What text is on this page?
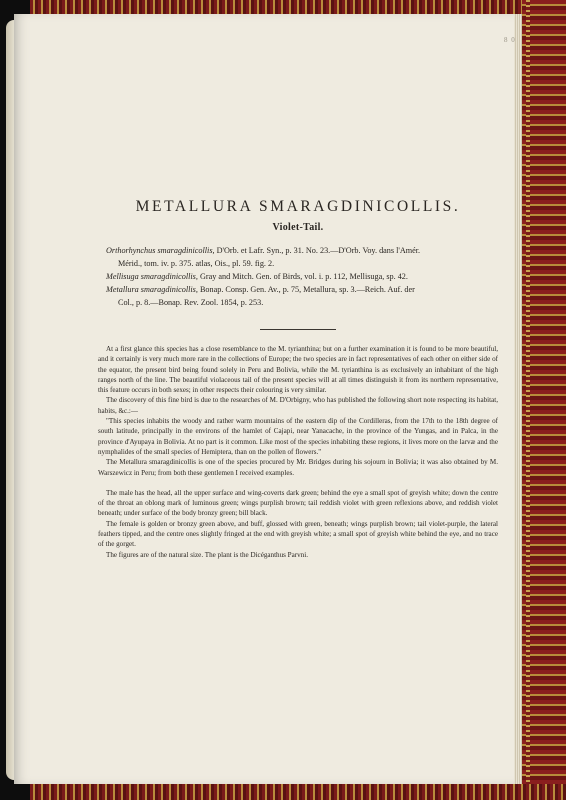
8 0
METALLURA SMARAGDINICOLLIS.
Violet-Tail.

Orthorhynchus smaragdinicollis, D'Orb. et Lafr. Syn., p. 31. No. 23.—D'Orb. Voy. dans l'Amér.

Mérid., tom. iv. p. 375. atlas, Ois., pl. 59. fig. 2.

Mellisuga smaragdinicollis, Gray and Mitch. Gen. of Birds, vol. i. p. 112, Mellisuga, sp. 42.

Metallura smaragdinicollis, Bonap. Consp. Gen. Av., p. 75, Metallura, sp. 3.—Reich. Auf. der

Col., p. 8.—Bonap. Rev. Zool. 1854, p. 253.

At a first glance this species has a close resemblance to the M. tyrianthina; but on a further examination it is found to be more beautiful, and it certainly is very much more rare in the collections of Europe; the two species are in fact representatives of each other on either side of the equator, the present bird being found solely in Peru and Bolivia, while the M. tyrianthina is as exclusively an inhabitant of the high ranges north of the line. The beautiful violaceous tail of the present species will at all times distinguish it from its northern representative, this feature occurs in both sexes; in other respects their colouring is very similar.

The discovery of this fine bird is due to the researches of M. D'Orbigny, who has published the following short note respecting its habitat, habits, &c.:—

"This species inhabits the woody and rather warm mountains of the eastern dip of the Cordilleras, from the 17th to the 18th degree of south latitude, principally in the environs of the hamlet of Cajapi, near Yanacache, in the province of the Yungas, and in Palca, in the province d'Ayupaya in Bolivia. At no part is it common. Like most of the species inhabiting these regions, it lives more on the larvæ and the nymphalides of the small species of Hemiptera, than on the pollen of flowers."

The Metallura smaragdinicollis is one of the species procured by Mr. Bridges during his sojourn in Bolivia; it was also obtained by M. Warszewicz in Peru; from both these gentlemen I received examples.

The male has the head, all the upper surface and wing-coverts dark green; behind the eye a small spot of greyish white; down the centre of the throat an oblong mark of luminous green; wings purplish brown; tail reddish violet with green reflexions above, and reddish violet beneath; under surface of the body bronzy green; bill black.

The female is golden or bronzy green above, and buff, glossed with green, beneath; wings purplish brown; tail violet-purple, the lateral feathers tipped, and the centre ones slightly fringed at the end with greyish white; a small spot of greyish white behind the eye, and no trace of the gorget.

The figures are of the natural size. The plant is the Dicéganthus Parvni.
